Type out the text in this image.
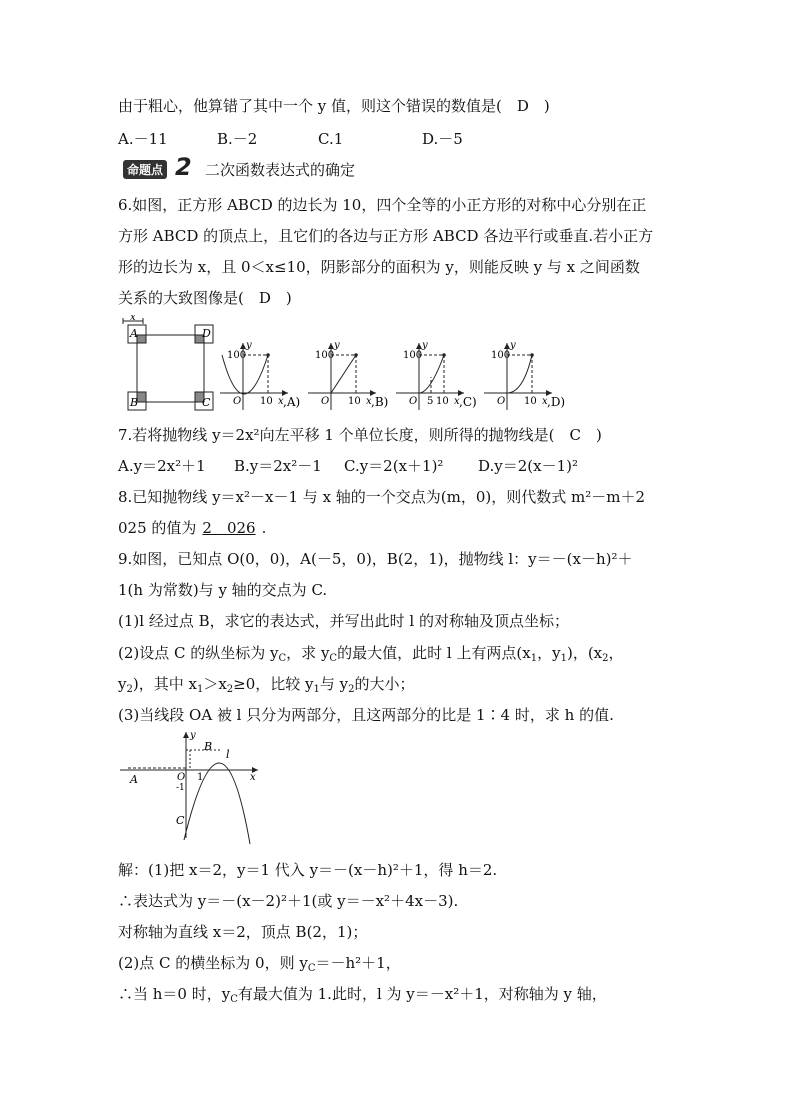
由于粗心，他算错了其中一个 y 值，则这个错误的数值是(　D　)
A.－11	B.－2	C.1	D.－5
命题点 2 二次函数表达式的确定
6.如图，正方形 ABCD 的边长为 10，四个全等的小正方形的对称中心分别在正
方形 ABCD 的顶点上，且它们的各边与正方形 ABCD 各边平行或垂直.若小正方
形的边长为 x，且 0＜x≤10，阴影部分的面积为 y，则能反映 y 与 x 之间函数
关系的大致图像是(　D　)
x
A	D
B	C
100
y
O 10 x ,A)
100
y
O 10 x ,B)
100
y
O 5 10 x ,C)
100
y
O 10 x ,D)
7.若将抛物线 y＝2x²向左平移 1 个单位长度，则所得的抛物线是(　C　)
A.y＝2x²＋1 B.y＝2x²－1 C.y＝2(x＋1)² D.y＝2(x－1)²
8.已知抛物线 y＝x²－x－1 与 x 轴的一个交点为(m，0)，则代数式 m²－m＋2
025 的值为 2　026 .
9.如图，已知点 O(0，0)，A(－5，0)，B(2，1)，抛物线 l：y＝－(x－h)²＋
1(h 为常数)与 y 轴的交点为 C.
(1)l 经过点 B，求它的表达式，并写出此时 l 的对称轴及顶点坐标；
(2)设点 C 的纵坐标为 $y_C$，求 $y_C$的最大值，此时 l 上有两点($x_1$，$y_1$)，($x_2$，
$y_2$)，其中 $x_1>x_2\ge 0$，比较 $y_1$与 $y_2$的大小；
(3)当线段 OA 被 l 只分为两部分，且这两部分的比是 1∶4 时，求 h 的值.
y
B
l
A	O 1	x
-1
C
解：(1)把 x＝2，y＝1 代入 y＝－(x－h)²＋1，得 h＝2.
∴表达式为 y＝－(x－2)²＋1(或 y＝－x²＋4x－3).
对称轴为直线 x＝2，顶点 B(2，1)；
(2)点 C 的横坐标为 0，则 $y_C=-h^2+1$，
∴当 h＝0 时，$y_C$有最大值为 1.此时，l 为 y＝－x²＋1，对称轴为 y 轴，
